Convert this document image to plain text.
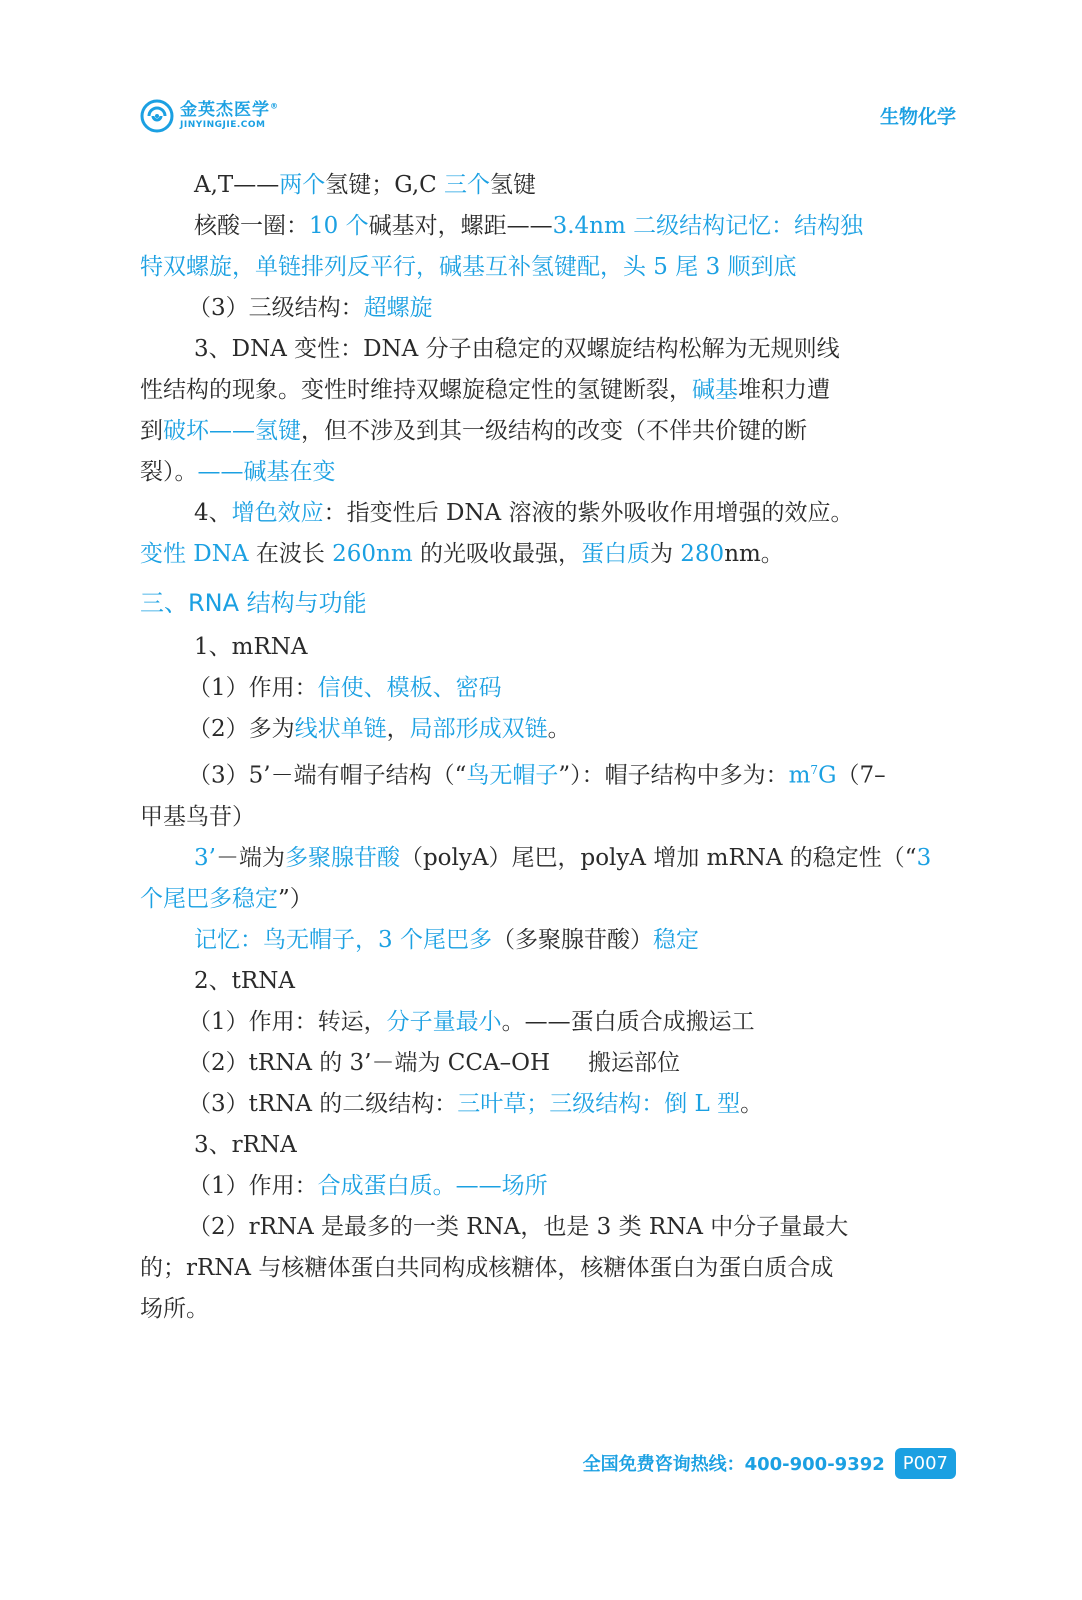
金英杰医学®
JINYINGJIE.COM	生物化学
A,T——两个氢键；G,C 三个氢键
核酸一圈：10 个碱基对，螺距——3.4nm 二级结构记忆：结构独
特双螺旋，单链排列反平行，碱基互补氢键配，头 5 尾 3 顺到底
（3）三级结构：超螺旋
3、DNA 变性：DNA 分子由稳定的双螺旋结构松解为无规则线
性结构的现象。变性时维持双螺旋稳定性的氢键断裂，碱基堆积力遭
到破坏——氢键，但不涉及到其一级结构的改变（不伴共价键的断
裂）。——碱基在变
4、增色效应：指变性后 DNA 溶液的紫外吸收作用增强的效应。
变性 DNA 在波长 260nm 的光吸收最强，蛋白质为 280nm。
三、RNA 结构与功能
1、mRNA
（1）作用：信使、模板、密码
（2）多为线状单链，局部形成双链。
（3）5’－端有帽子结构（“鸟无帽子”）：帽子结构中多为：$m^7G(7-$
甲基鸟苷）
3’－端为多聚腺苷酸（polyA）尾巴，polyA 增加 mRNA 的稳定性（“3
个尾巴多稳定”）
记忆：鸟无帽子，3 个尾巴多（多聚腺苷酸）稳定
2、tRNA
（1）作用：转运，分子量最小。——蛋白质合成搬运工
（2）tRNA 的 3’－端为 CCA–OH 搬运部位
（3）tRNA 的二级结构：三叶草；三级结构：倒 L 型。
3、rRNA
（1）作用：合成蛋白质。——场所
（2）rRNA 是最多的一类 RNA，也是 3 类 RNA 中分子量最大
的；rRNA 与核糖体蛋白共同构成核糖体，核糖体蛋白为蛋白质合成
场所。
全国免费咨询热线：400-900-9392	P007
